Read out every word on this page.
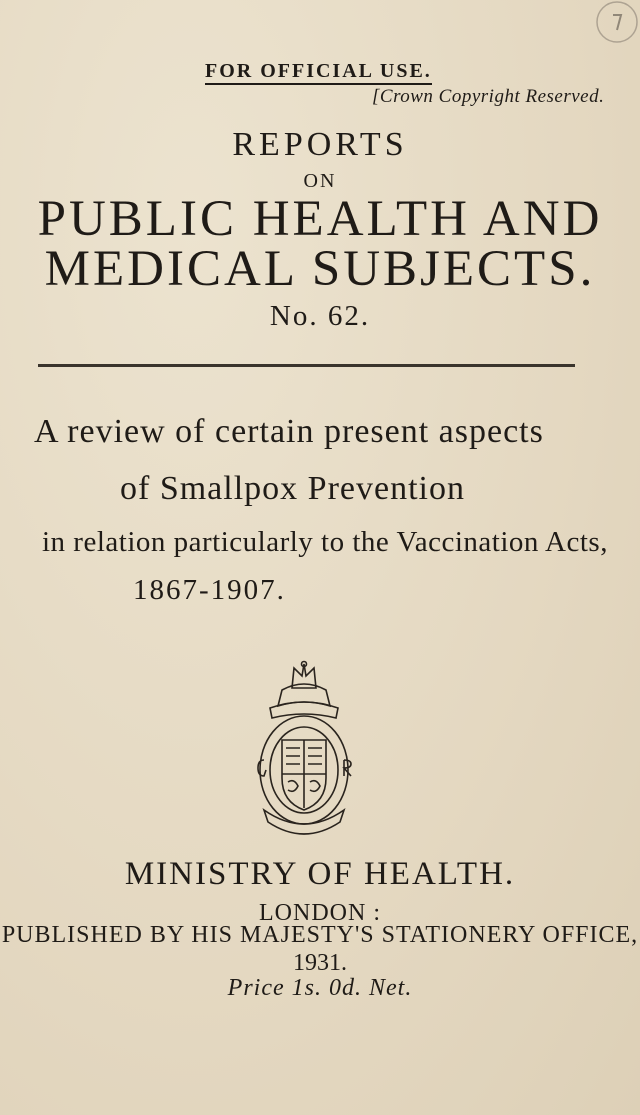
FOR OFFICIAL USE.
[Crown Copyright Reserved.
REPORTS
ON
PUBLIC HEALTH AND
MEDICAL SUBJECTS.
No. 62.
A review of certain present aspects
of Smallpox Prevention
in relation particularly to the Vaccination Acts,
1867-1907.
MINISTRY OF HEALTH.
LONDON :
PUBLISHED BY HIS MAJESTY'S STATIONERY OFFICE,
1931.
Price 1s. 0d. Net.
